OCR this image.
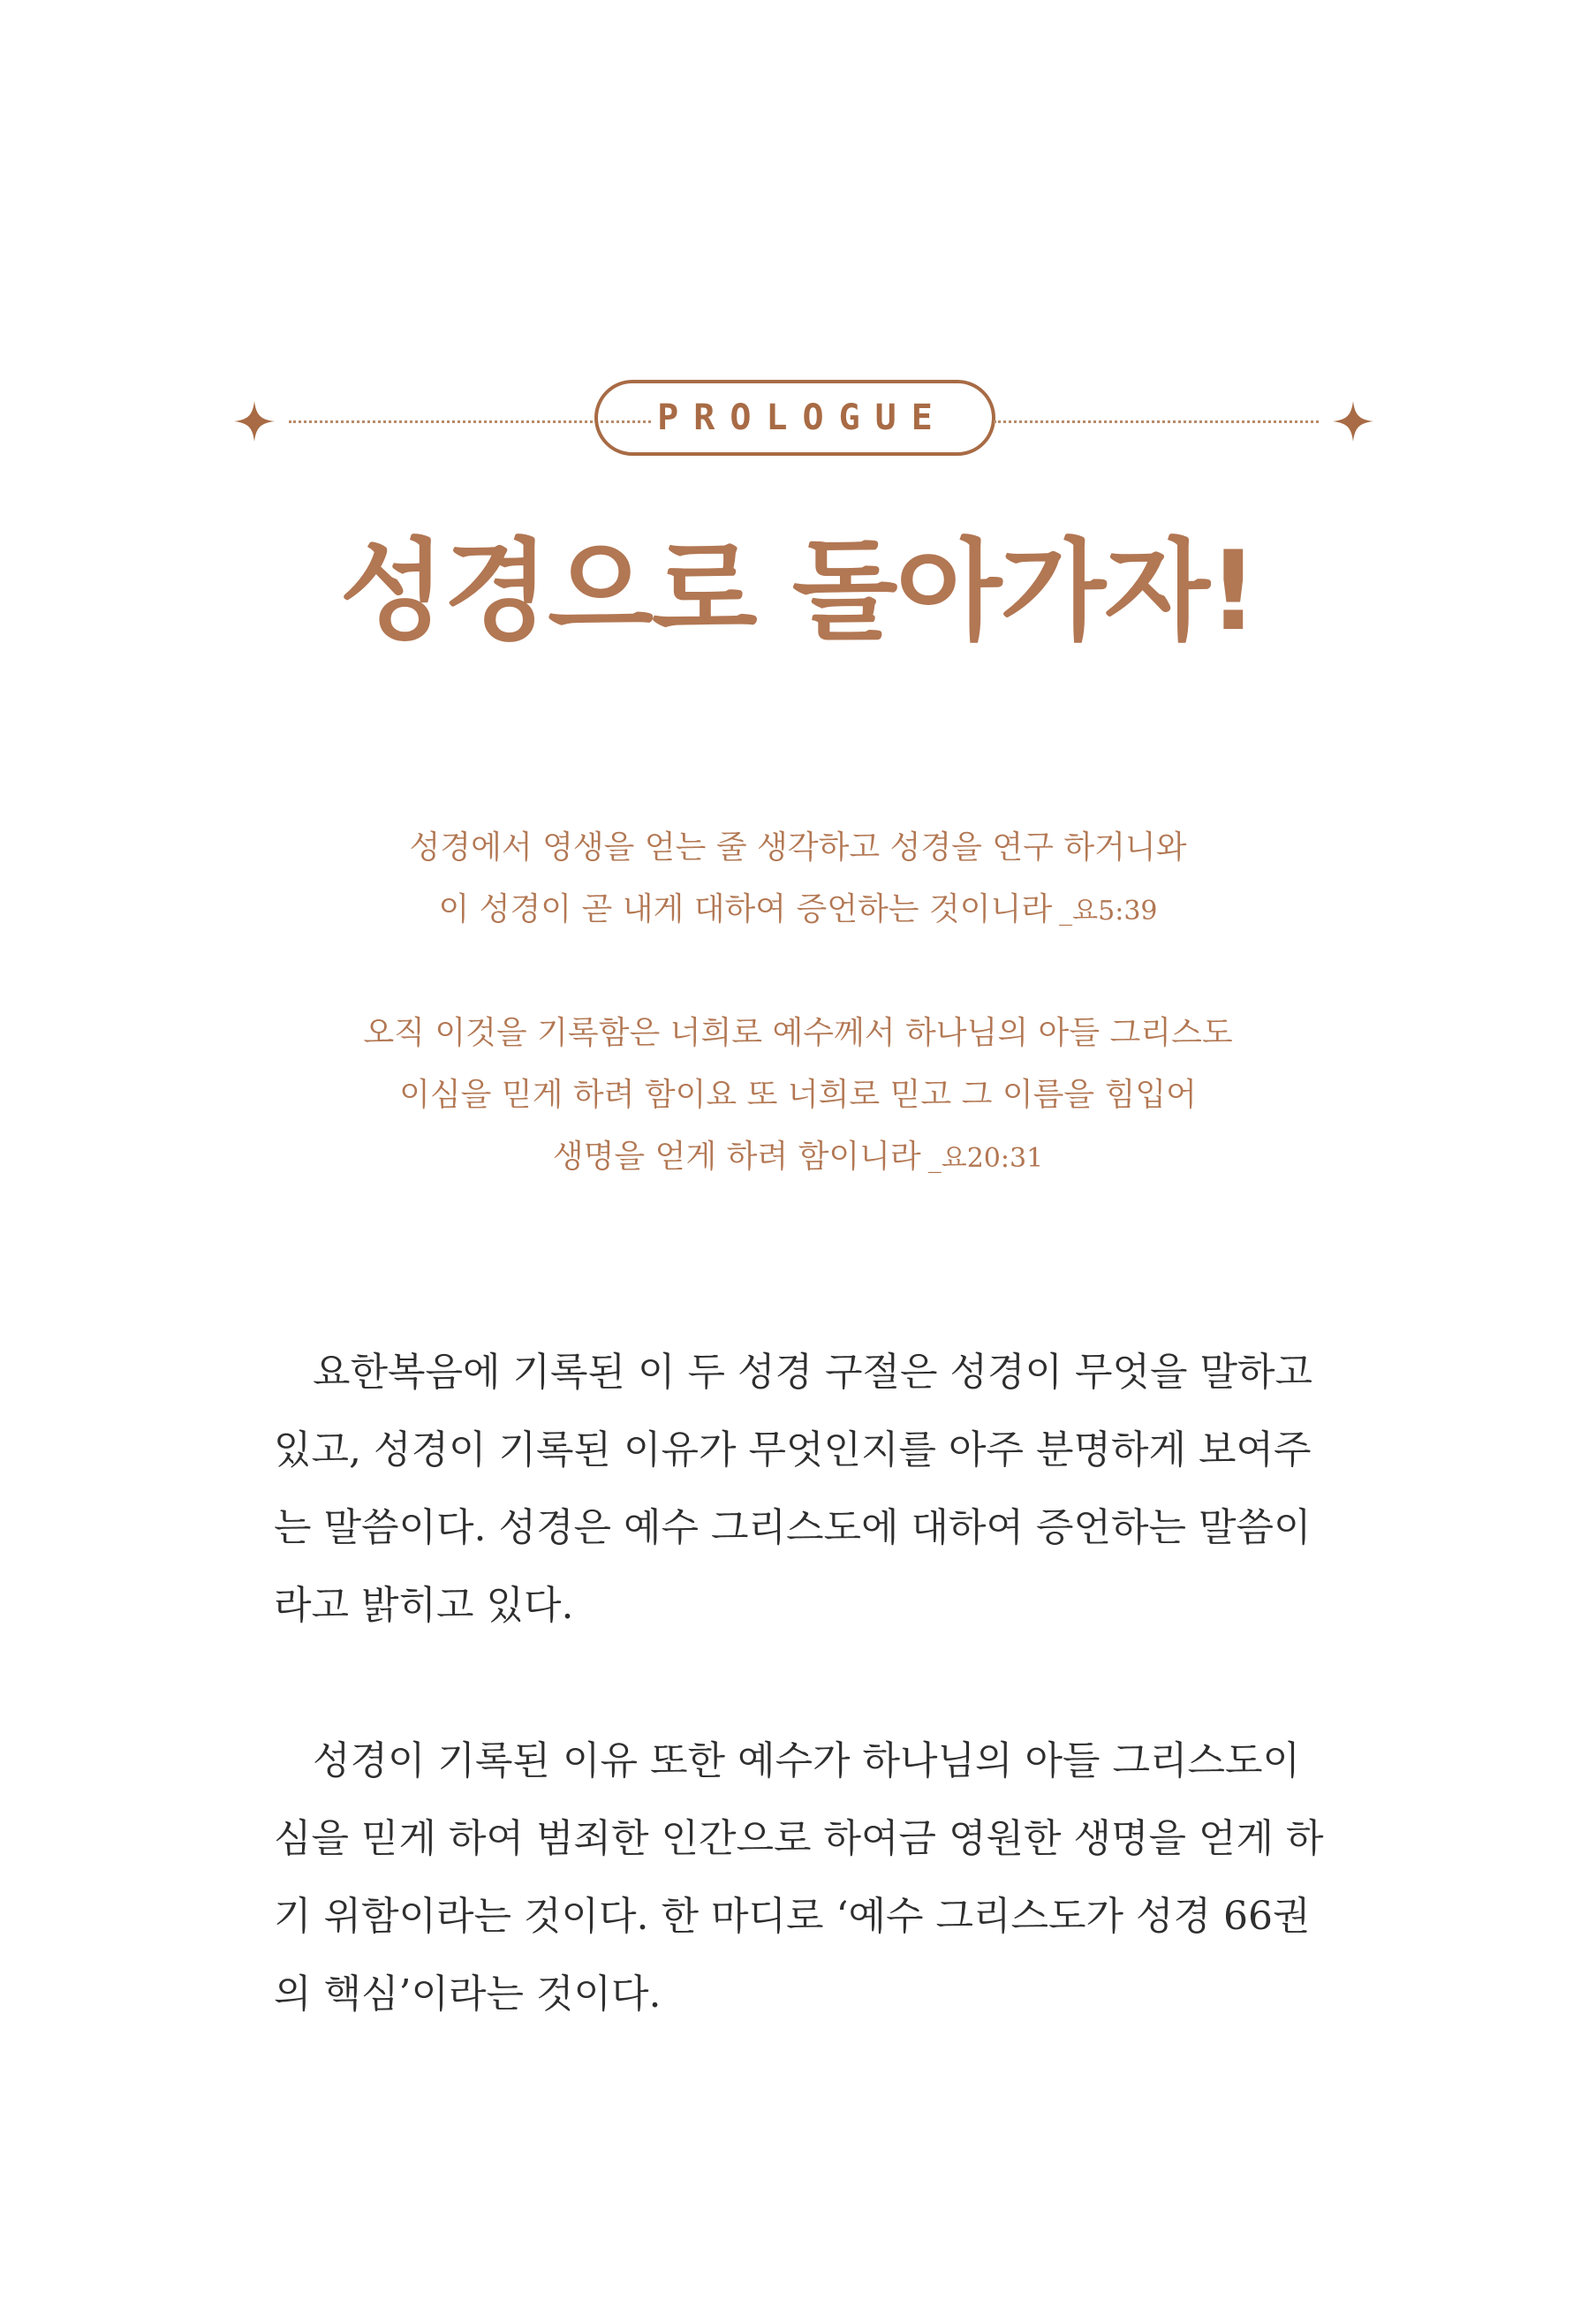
PROLOGUE
성경으로 돌아가자!
성경에서 영생을 얻는 줄 생각하고 성경을 연구 하거니와
이 성경이 곧 내게 대하여 증언하는 것이니라 _요5:39
오직 이것을 기록함은 너희로 예수께서 하나님의 아들 그리스도
이심을 믿게 하려 함이요 또 너희로 믿고 그 이름을 힘입어
생명을 얻게 하려 함이니라 _요20:31
　요한복음에 기록된 이 두 성경 구절은 성경이 무엇을 말하고
있고, 성경이 기록된 이유가 무엇인지를 아주 분명하게 보여주
는 말씀이다. 성경은 예수 그리스도에 대하여 증언하는 말씀이
라고 밝히고 있다.
　성경이 기록된 이유 또한 예수가 하나님의 아들 그리스도이
심을 믿게 하여 범죄한 인간으로 하여금 영원한 생명을 얻게 하
기 위함이라는 것이다. 한 마디로 ‘예수 그리스도가 성경 66권
의 핵심’이라는 것이다.
